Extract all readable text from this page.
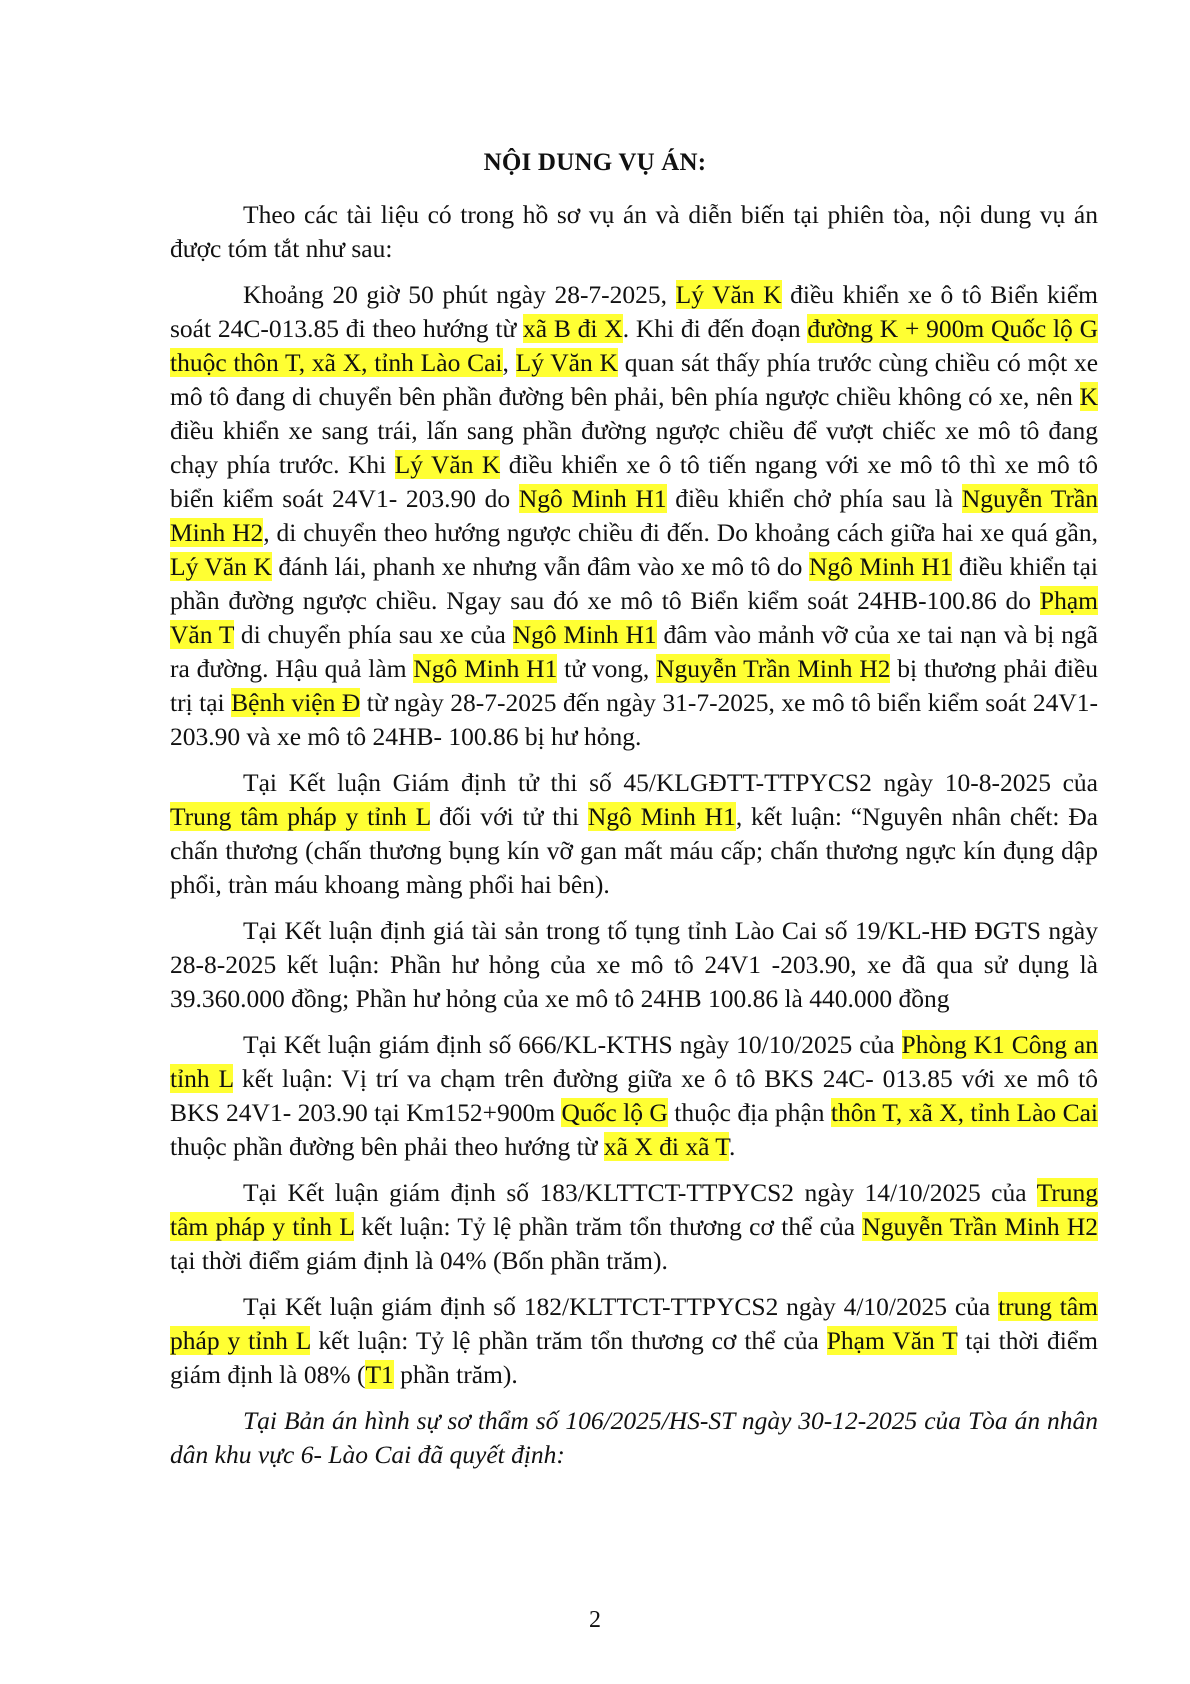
NỘI DUNG VỤ ÁN:

Theo các tài liệu có trong hồ sơ vụ án và diễn biến tại phiên tòa, nội dung vụ án được tóm tắt như sau:

Khoảng 20 giờ 50 phút ngày 28-7-2025, Lý Văn K điều khiển xe ô tô Biển kiểm soát 24C-013.85 đi theo hướng từ xã B đi X. Khi đi đến đoạn đường K + 900m Quốc lộ G thuộc thôn T, xã X, tỉnh Lào Cai, Lý Văn K quan sát thấy phía trước cùng chiều có một xe mô tô đang di chuyển bên phần đường bên phải, bên phía ngược chiều không có xe, nên K điều khiển xe sang trái, lấn sang phần đường ngược chiều để vượt chiếc xe mô tô đang chạy phía trước. Khi Lý Văn K điều khiển xe ô tô tiến ngang với xe mô tô thì xe mô tô biển kiểm soát 24V1- 203.90 do Ngô Minh H1 điều khiển chở phía sau là Nguyễn Trần Minh H2, di chuyển theo hướng ngược chiều đi đến. Do khoảng cách giữa hai xe quá gần, Lý Văn K đánh lái, phanh xe nhưng vẫn đâm vào xe mô tô do Ngô Minh H1 điều khiển tại phần đường ngược chiều. Ngay sau đó xe mô tô Biển kiểm soát 24HB-100.86 do Phạm Văn T di chuyển phía sau xe của Ngô Minh H1 đâm vào mảnh vỡ của xe tai nạn và bị ngã ra đường. Hậu quả làm Ngô Minh H1 tử vong, Nguyễn Trần Minh H2 bị thương phải điều trị tại Bệnh viện Đ từ ngày 28-7-2025 đến ngày 31-7-2025, xe mô tô biển kiểm soát 24V1- 203.90 và xe mô tô 24HB- 100.86 bị hư hỏng.

Tại Kết luận Giám định tử thi số 45/KLGĐTT-TTPYCS2 ngày 10-8-2025 của Trung tâm pháp y tỉnh L đối với tử thi Ngô Minh H1, kết luận: “Nguyên nhân chết: Đa chấn thương (chấn thương bụng kín vỡ gan mất máu cấp; chấn thương ngực kín đụng dập phổi, tràn máu khoang màng phổi hai bên).

Tại Kết luận định giá tài sản trong tố tụng tỉnh Lào Cai số 19/KL-HĐ ĐGTS ngày 28-8-2025 kết luận: Phần hư hỏng của xe mô tô 24V1 -203.90, xe đã qua sử dụng là 39.360.000 đồng; Phần hư hỏng của xe mô tô 24HB 100.86 là 440.000 đồng

Tại Kết luận giám định số 666/KL-KTHS ngày 10/10/2025 của Phòng K1 Công an tỉnh L kết luận: Vị trí va chạm trên đường giữa xe ô tô BKS 24C- 013.85 với xe mô tô BKS 24V1- 203.90 tại Km152+900m Quốc lộ G thuộc địa phận thôn T, xã X, tỉnh Lào Cai thuộc phần đường bên phải theo hướng từ xã X đi xã T.

Tại Kết luận giám định số 183/KLTTCT-TTPYCS2 ngày 14/10/2025 của Trung tâm pháp y tỉnh L kết luận: Tỷ lệ phần trăm tổn thương cơ thể của Nguyễn Trần Minh H2 tại thời điểm giám định là 04% (Bốn phần trăm).

Tại Kết luận giám định số 182/KLTTCT-TTPYCS2 ngày 4/10/2025 của trung tâm pháp y tỉnh L kết luận: Tỷ lệ phần trăm tổn thương cơ thể của Phạm Văn T tại thời điểm giám định là 08% (T1 phần trăm).

Tại Bản án hình sự sơ thẩm số 106/2025/HS-ST ngày 30-12-2025 của Tòa án nhân dân khu vực 6- Lào Cai đã quyết định:

2
